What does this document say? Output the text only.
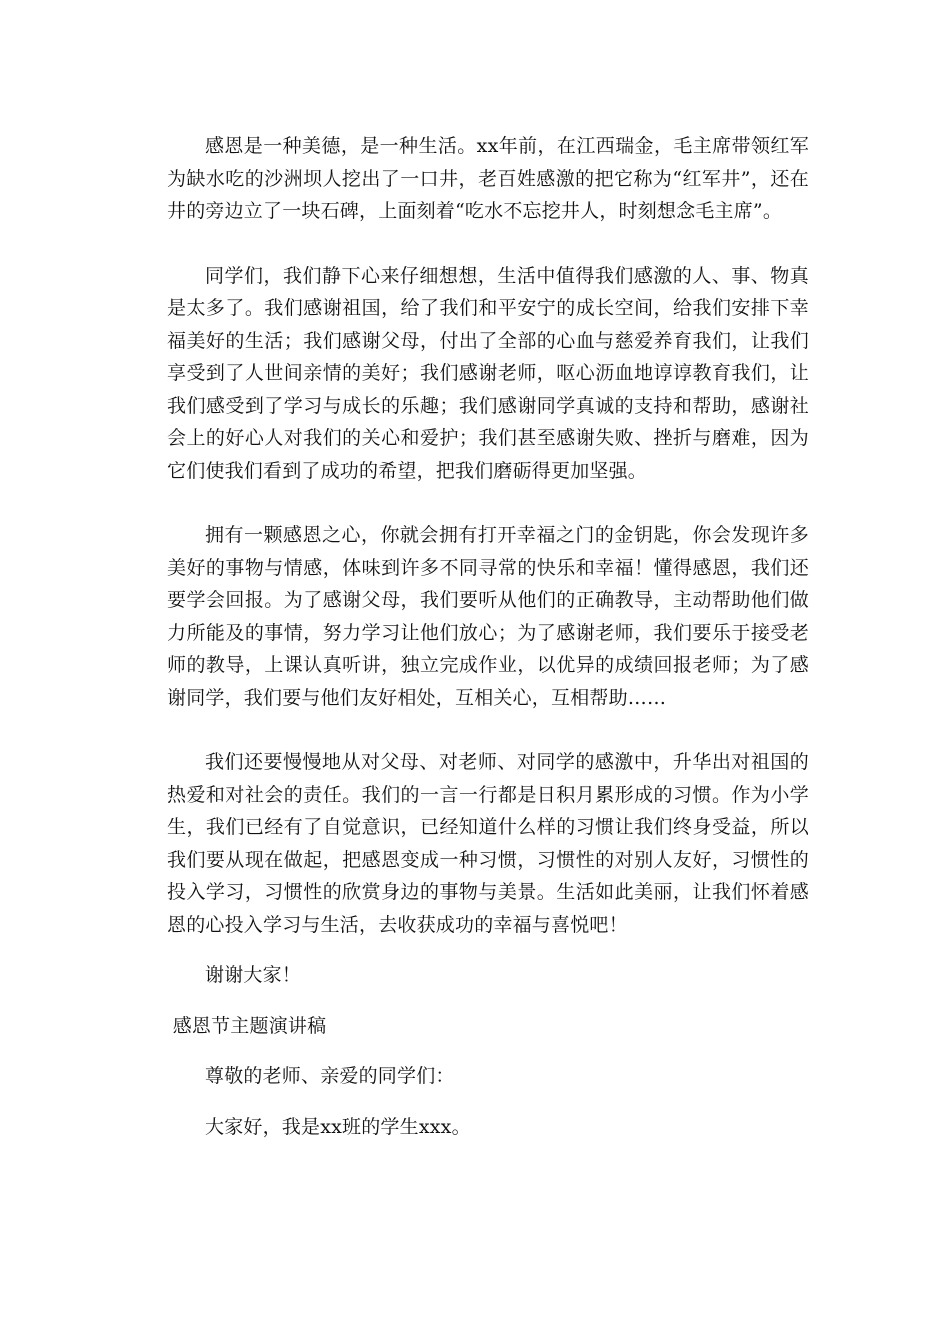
感恩是一种美德，是一种生活。xx年前，在江西瑞金，毛主席带领红军为缺水吃的沙洲坝人挖出了一口井，老百姓感激的把它称为“红军井”，还在井的旁边立了一块石碑，上面刻着“吃水不忘挖井人，时刻想念毛主席”。

同学们，我们静下心来仔细想想，生活中值得我们感激的人、事、物真是太多了。我们感谢祖国，给了我们和平安宁的成长空间，给我们安排下幸福美好的生活；我们感谢父母，付出了全部的心血与慈爱养育我们，让我们享受到了人世间亲情的美好；我们感谢老师，呕心沥血地谆谆教育我们，让我们感受到了学习与成长的乐趣；我们感谢同学真诚的支持和帮助，感谢社会上的好心人对我们的关心和爱护；我们甚至感谢失败、挫折与磨难，因为它们使我们看到了成功的希望，把我们磨砺得更加坚强。

拥有一颗感恩之心，你就会拥有打开幸福之门的金钥匙，你会发现许多美好的事物与情感，体味到许多不同寻常的快乐和幸福！懂得感恩，我们还要学会回报。为了感谢父母，我们要听从他们的正确教导，主动帮助他们做力所能及的事情，努力学习让他们放心；为了感谢老师，我们要乐于接受老师的教导，上课认真听讲，独立完成作业，以优异的成绩回报老师；为了感谢同学，我们要与他们友好相处，互相关心，互相帮助……

我们还要慢慢地从对父母、对老师、对同学的感激中，升华出对祖国的热爱和对社会的责任。我们的一言一行都是日积月累形成的习惯。作为小学生，我们已经有了自觉意识，已经知道什么样的习惯让我们终身受益，所以我们要从现在做起，把感恩变成一种习惯，习惯性的对别人友好，习惯性的投入学习，习惯性的欣赏身边的事物与美景。生活如此美丽，让我们怀着感恩的心投入学习与生活，去收获成功的幸福与喜悦吧！

谢谢大家！

感恩节主题演讲稿

尊敬的老师、亲爱的同学们：

大家好，我是xx班的学生xxx。
